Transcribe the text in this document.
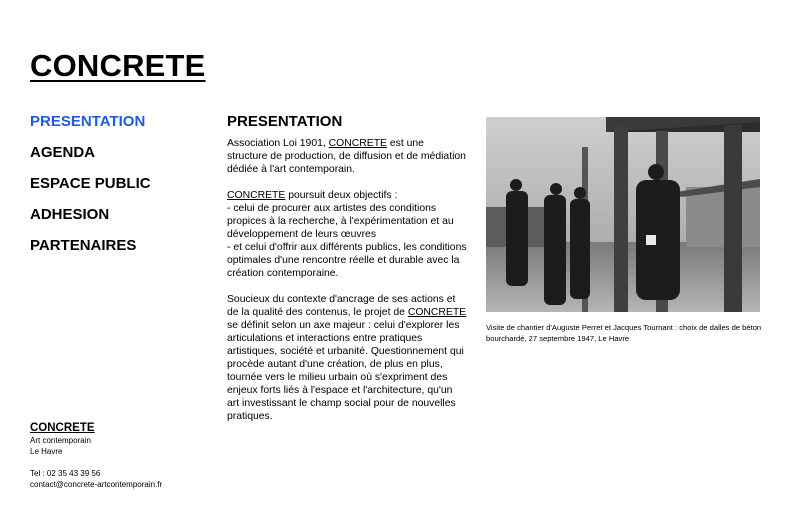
CONCRETE
PRESENTATION
AGENDA
ESPACE PUBLIC
ADHESION
PARTENAIRES
PRESENTATION

Association Loi 1901, CONCRETE est une structure de production, de diffusion et de médiation dédiée à l'art contemporain.

CONCRETE poursuit deux objectifs :
- celui de procurer aux artistes des conditions propices à la recherche, à l'expérimentation et au développement de leurs œuvres
- et celui d'offrir aux différents publics, les conditions optimales d'une rencontre réelle et durable avec la création contemporaine.

Soucieux du contexte d'ancrage de ses actions et de la qualité des contenus, le projet de CONCRETE se définit selon un axe majeur : celui d'explorer les articulations et interactions entre pratiques artistiques, société et urbanité. Questionnement qui procède autant d'une création, de plus en plus, tournée vers le milieu urbain où s'expriment des enjeux forts liés à l'espace et l'architecture, qu'un art investissant le champ social pour de nouvelles pratiques.

Visite de chantier d'Auguste Perret et Jacques Tournant : choix de dalles de béton bourchardé, 27 septembre 1947, Le Havre
CONCRETE
Art contemporain
Le Havre
Tel : 02 35 43 39 56
contact@concrete-artcontemporain.fr
